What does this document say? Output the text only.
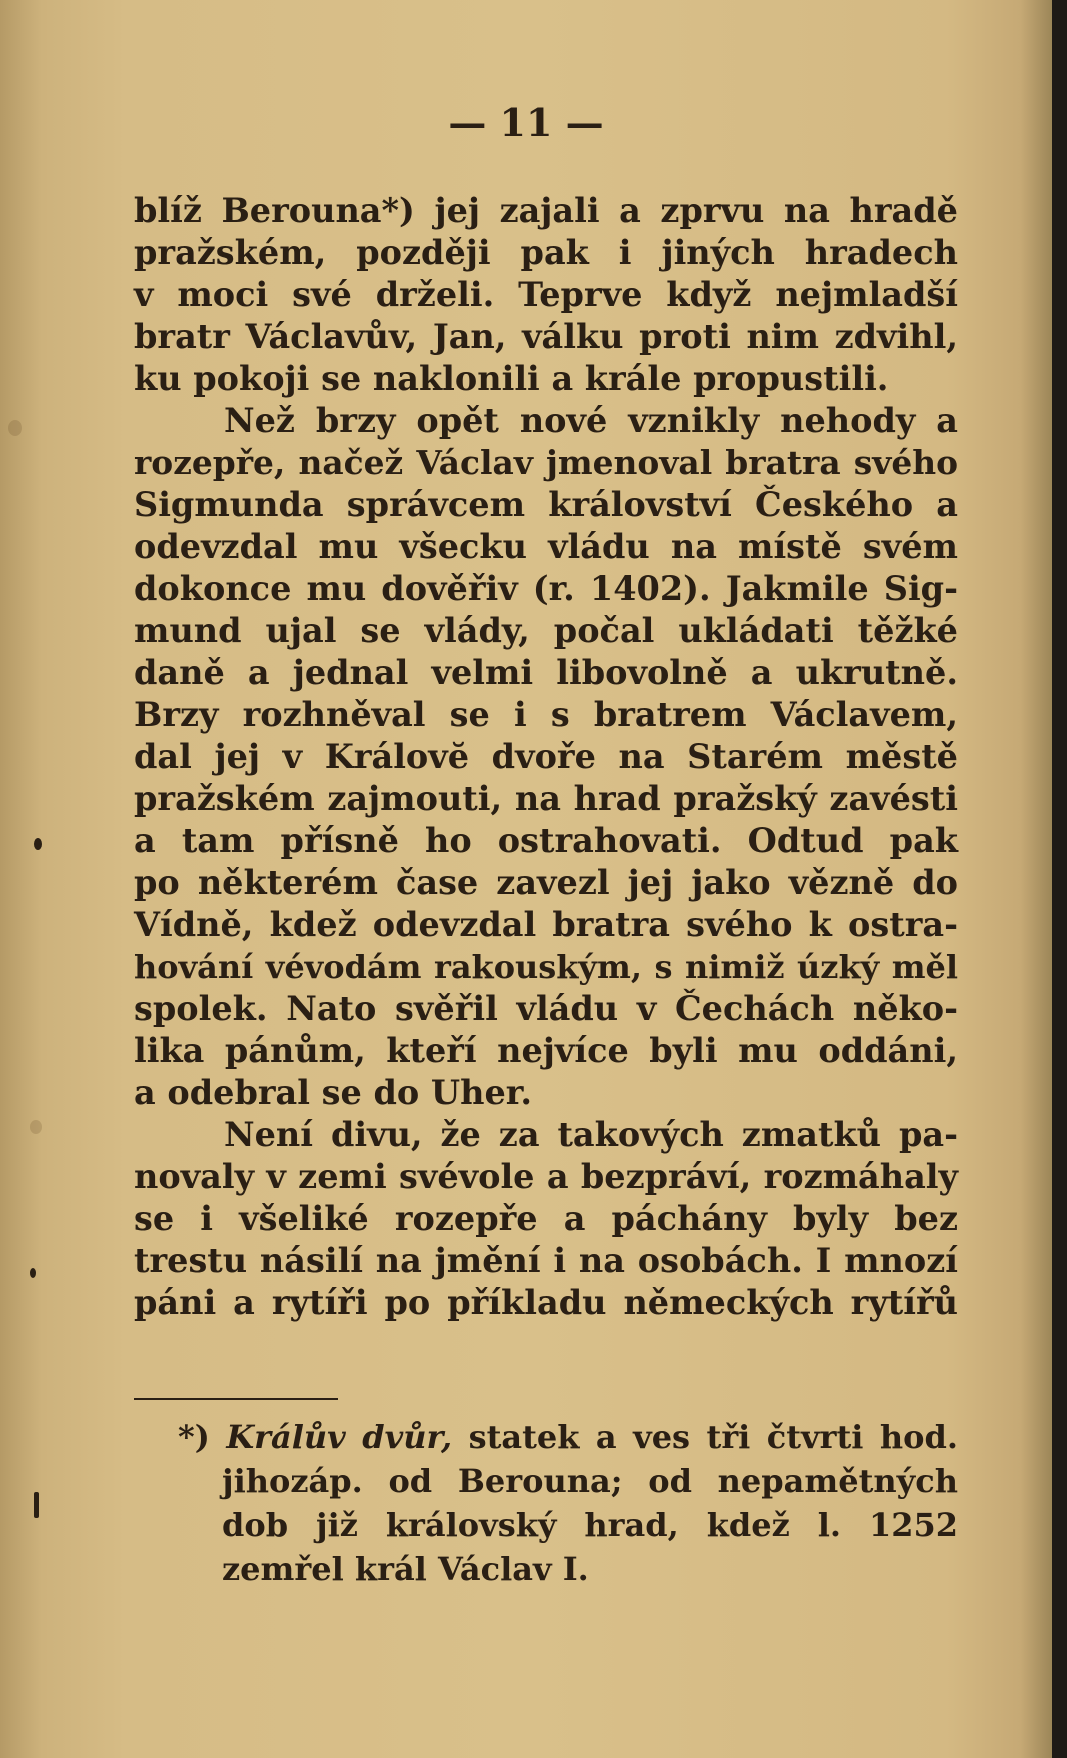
— 11 —
blíž Berouna*) jej zajali a zprvu na hradě
pražském, později pak i jiných hradech
v moci své drželi. Teprve když nejmladší
bratr Václavův, Jan, válku proti nim zdvihl,
ku pokoji se naklonili a krále propustili.
Než brzy opět nové vznikly nehody a
rozepře, načež Václav jmenoval bratra svého
Sigmunda správcem království Českého a
odevzdal mu všecku vládu na místě svém
dokonce mu dověřiv (r. 1402). Jakmile Sig-
mund ujal se vlády, počal ukládati těžké
daně a jednal velmi libovolně a ukrutně.
Brzy rozhněval se i s bratrem Václavem,
dal jej v Královĕ dvoře na Starém městě
pražském zajmouti, na hrad pražský zavésti
a tam přísně ho ostrahovati. Odtud pak
po některém čase zavezl jej jako vězně do
Vídně, kdež odevzdal bratra svého k ostra-
hování vévodám rakouským, s nimiž úzký měl
spolek. Nato svěřil vládu v Čechách něko-
lika pánům, kteří nejvíce byli mu oddáni,
a odebral se do Uher.
Není divu, že za takových zmatků pa-
novaly v zemi svévole a bezpráví, rozmáhaly
se i všeliké rozepře a páchány byly bez
trestu násilí na jmění i na osobách. I mnozí
páni a rytíři po příkladu německých rytířů
*) Králův dvůr, statek a ves tři čtvrti hod.
jihozáp. od Berouna; od nepamětných
dob již královský hrad, kdež l. 1252
zemřel král Václav I.
